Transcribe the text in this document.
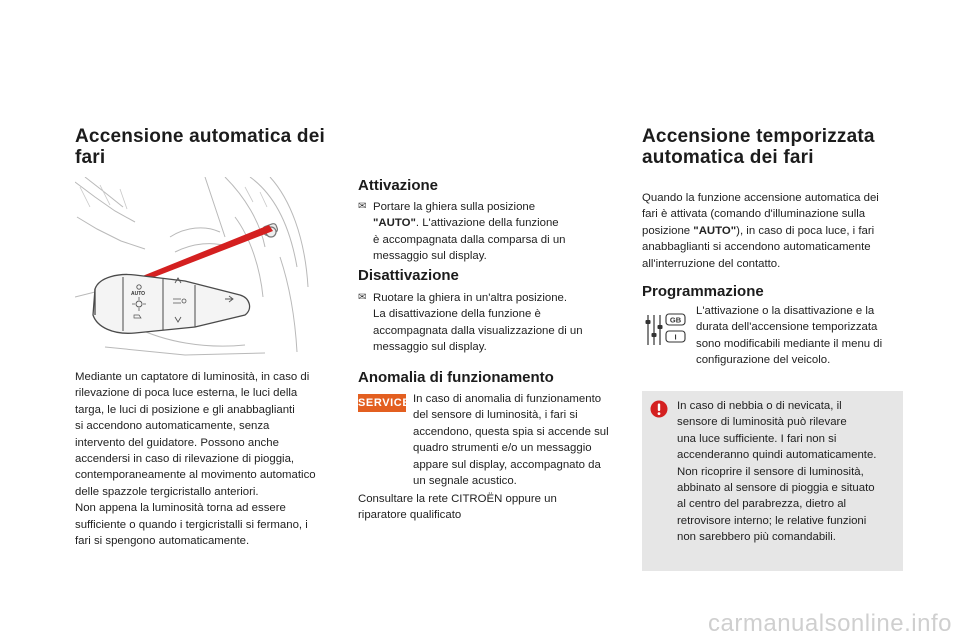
Accensione automatica dei
fari
AUTO
Mediante un captatore di luminosità, in caso di
rilevazione di poca luce esterna, le luci della
targa, le luci di posizione e gli anabbaglianti
si accendono automaticamente, senza
intervento del guidatore. Possono anche
accendersi in caso di rilevazione di pioggia,
contemporaneamente al movimento automatico
delle spazzole tergicristallo anteriori.
Non appena la luminosità torna ad essere
sufficiente o quando i tergicristalli si fermano, i
fari si spengono automaticamente.
Attivazione
✉ Portare la ghiera sulla posizione
"AUTO". L'attivazione della funzione
è accompagnata dalla comparsa di un
messaggio sul display.
Disattivazione
✉ Ruotare la ghiera in un'altra posizione.
La disattivazione della funzione è
accompagnata dalla visualizzazione di un
messaggio sul display.
Anomalia di funzionamento
SERVICE In caso di anomalia di funzionamento
del sensore di luminosità, i fari si
accendono, questa spia si accende sul
quadro strumenti e/o un messaggio
appare sul display, accompagnato da
un segnale acustico.
Consultare la rete CITROËN oppure un
riparatore qualificato
Accensione temporizzata
automatica dei fari
Quando la funzione accensione automatica dei
fari è attivata (comando d'illuminazione sulla
posizione "AUTO"), in caso di poca luce, i fari
anabbaglianti si accendono automaticamente
all'interruzione del contatto.
Programmazione
GB
I
L'attivazione o la disattivazione e la
durata dell'accensione temporizzata
sono modificabili mediante il menu di
configurazione del veicolo.
In caso di nebbia o di nevicata, il
sensore di luminosità può rilevare
una luce sufficiente. I fari non si
accenderanno quindi automaticamente.
Non ricoprire il sensore di luminosità,
abbinato al sensore di pioggia e situato
al centro del parabrezza, dietro al
retrovisore interno; le relative funzioni
non sarebbero più comandabili.
carmanualsonline.info
